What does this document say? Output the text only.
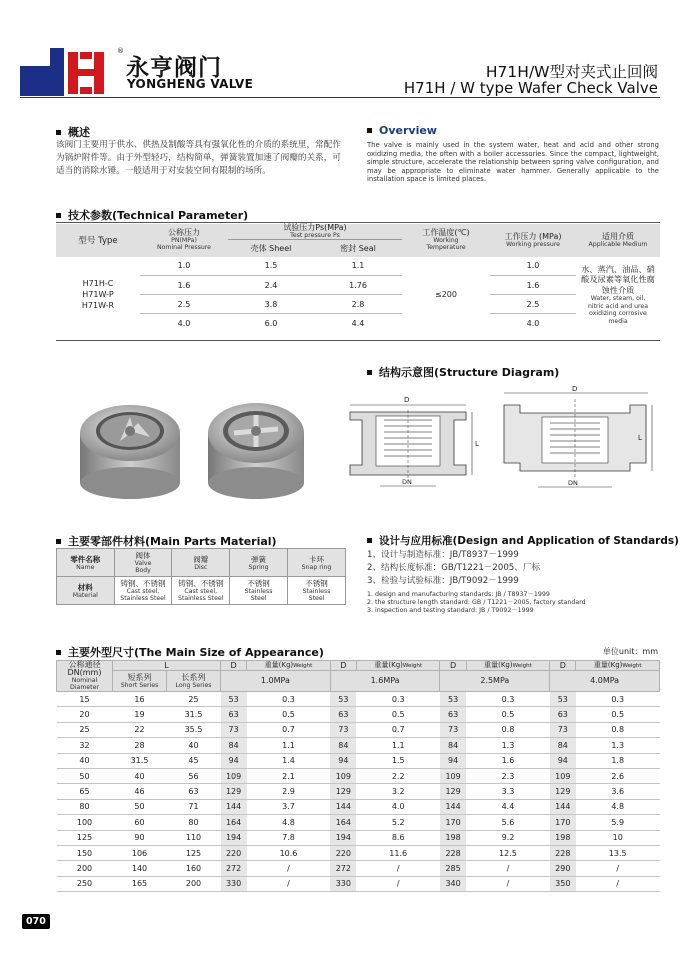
®
永亨阀门
YONGHENG VALVE
H71H/W型对夹式止回阀
H71H / W type Wafer Check Valve
概述
该阀门主要用于供水、供热及制酸等具有强氧化性的介质的系统里，常配作为锅炉附件等。由于外型轻巧，结构简单，弹簧装置加速了阀瓣的关系，可适当的消除水锤。一般适用于对安装空间有限制的场所。
Overview
The valve is mainly used in the system water, heat and acid and other strong oxidizing media, the often with a boiler accessories. Since the compact, lightweight, simple structure, accelerate the relationship between spring valve configuration, and may be appropriate to eliminate water hammer. Generally applicable to the installation space is limited places.
技术参数(Technical Parameter)
型号 Type	公称压力
PN(MPa)
Nominal Pressure	试验压力Ps(MPa)
Test pressure Ps		工作温度(℃)
Working
Temperature	工作压力 (MPa)
Working pressure	适用介质
Applicable Medium

		壳体 Sheel	密封 Seal			

H71H-C
H71W-P
H71W-R	1.0	1.5	1.1	≤200	1.0	水、蒸汽、油品、硝酸及尿素等氧化性腐蚀性介质
Water, steam, oil, nitric acid and urea oxidizing corrosive media

	1.6	2.4	1.76		1.6	
	2.5	3.8	2.8		2.5	
	4.0	6.0	4.4		4.0	
结构示意图(Structure Diagram)
D
L
DN
D
L
DN
主要零部件材料(Main Parts Material)
零件名称
Name	阀体
Valve Body	阀瓣
Disc	弹簧
Spring	卡环
Snap ring

材料
Material	铸钢、不锈钢
Cast steel, Stainless Steel	铸钢、不锈钢
Cast steel, Stainless Steel	不锈钢
Stainless Steel	不锈钢
Stainless Steel
设计与应用标准(Design and Application of Standards)
1、设计与制造标准：JB/T8937－1999
2、结构长度标准：GB/T1221－2005、厂标
3、检验与试验标准：JB/T9092－1999
1. design and manufacturing standards: JB / T8937－1999
2. the structure length standard: GB / T1221－2005, factory standard
3. inspection and testing standard: JB / T9092－1999
主要外型尺寸(The Main Size of Appearance)	单位unit：mm
公称通径
DN(mm)
Nominal
Diameter	L		D	重量(Kg)Weight	D	重量(Kg)Weight	D	重量(Kg)Weight	D	重量(Kg)Weight
	短系列
Short Series	长系列
Long Series	1.0MPa		1.6MPa		2.5MPa		4.0MPa	

15	16	25	53	0.3	53	0.3	53	0.3	53	0.3
20	19	31.5	63	0.5	63	0.5	63	0.5	63	0.5
25	22	35.5	73	0.7	73	0.7	73	0.8	73	0.8
32	28	40	84	1.1	84	1.1	84	1.3	84	1.3
40	31.5	45	94	1.4	94	1.5	94	1.6	94	1.8
50	40	56	109	2.1	109	2.2	109	2.3	109	2.6
65	46	63	129	2.9	129	3.2	129	3.3	129	3.6
80	50	71	144	3.7	144	4.0	144	4.4	144	4.8
100	60	80	164	4.8	164	5.2	170	5.6	170	5.9
125	90	110	194	7.8	194	8.6	198	9.2	198	10
150	106	125	220	10.6	220	11.6	228	12.5	228	13.5
200	140	160	272	/	272	/	285	/	290	/
250	165	200	330	/	330	/	340	/	350	/
070
